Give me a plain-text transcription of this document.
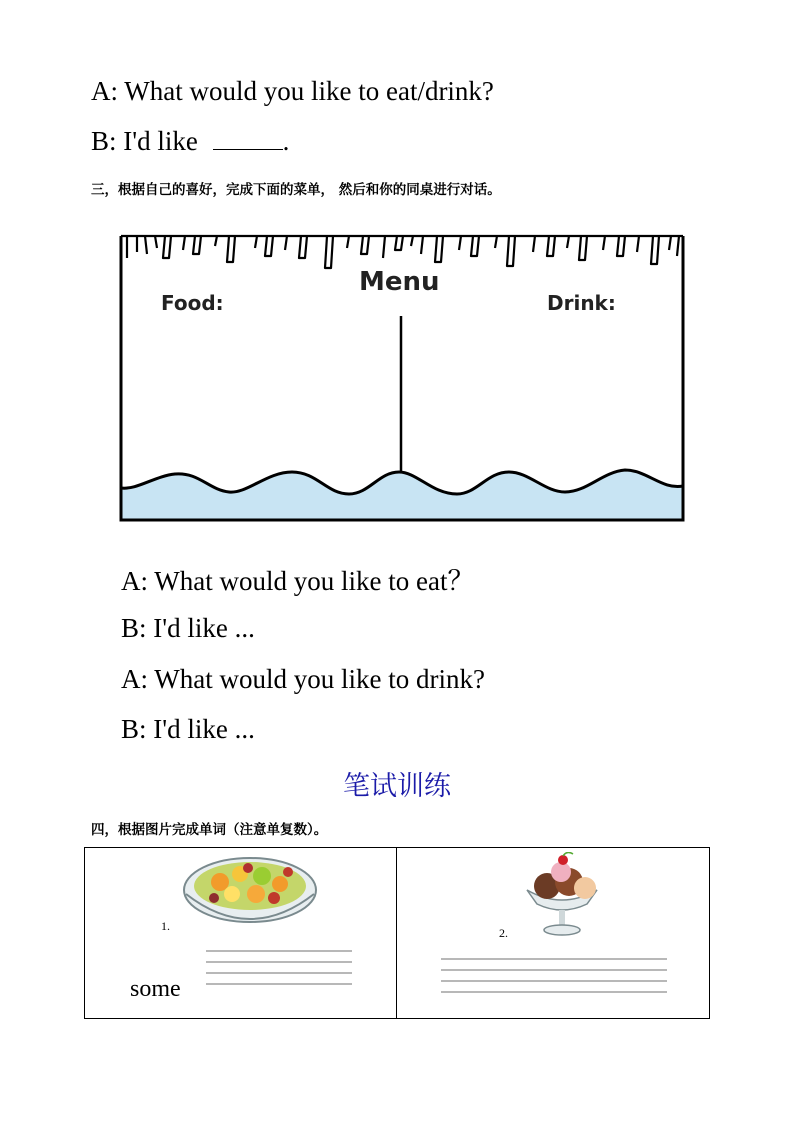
A: What would you like to eat/drink?
B: I'd like	.
三，根据自己的喜好，完成下面的菜单， 然后和你的同桌进行对话。
Menu
Food:	Drink:
A: What would you like to eat？
B: I'd like ...
A: What would you like to drink?
B: I'd like ...
笔试训练
四，根据图片完成单词（注意单复数）。
1.
some
2.
